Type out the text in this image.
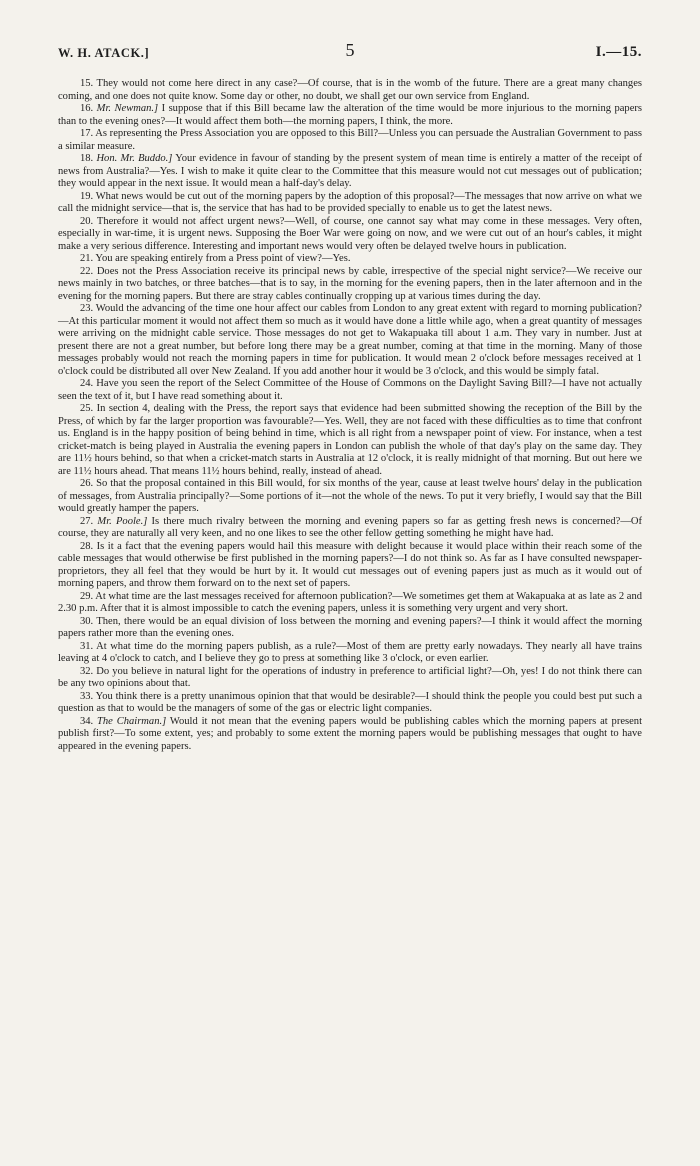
W. H. ATACK.]	5	I.—15.

15. They would not come here direct in any case?—Of course, that is in the womb of the future. There are a great many changes coming, and one does not quite know. Some day or other, no doubt, we shall get our own service from England.

16. Mr. Newman.] I suppose that if this Bill became law the alteration of the time would be more injurious to the morning papers than to the evening ones?—It would affect them both—the morning papers, I think, the more.

17. As representing the Press Association you are opposed to this Bill?—Unless you can persuade the Australian Government to pass a similar measure.

18. Hon. Mr. Buddo.] Your evidence in favour of standing by the present system of mean time is entirely a matter of the receipt of news from Australia?—Yes. I wish to make it quite clear to the Committee that this measure would not cut messages out of publication; they would appear in the next issue. It would mean a half-day's delay.

19. What news would be cut out of the morning papers by the adoption of this proposal?—The messages that now arrive on what we call the midnight service—that is, the service that has had to be provided specially to enable us to get the latest news.

20. Therefore it would not affect urgent news?—Well, of course, one cannot say what may come in these messages. Very often, especially in war-time, it is urgent news. Supposing the Boer War were going on now, and we were cut out of an hour's cables, it might make a very serious difference. Interesting and important news would very often be delayed twelve hours in publication.

21. You are speaking entirely from a Press point of view?—Yes.

22. Does not the Press Association receive its principal news by cable, irrespective of the special night service?—We receive our news mainly in two batches, or three batches—that is to say, in the morning for the evening papers, then in the later afternoon and in the evening for the morning papers. But there are stray cables continually cropping up at various times during the day.

23. Would the advancing of the time one hour affect our cables from London to any great extent with regard to morning publication?—At this particular moment it would not affect them so much as it would have done a little while ago, when a great quantity of messages were arriving on the midnight cable service. Those messages do not get to Wakapuaka till about 1 a.m. They vary in number. Just at present there are not a great number, but before long there may be a great number, coming at that time in the morning. Many of those messages probably would not reach the morning papers in time for publication. It would mean 2 o'clock before messages received at 1 o'clock could be distributed all over New Zealand. If you add another hour it would be 3 o'clock, and this would be simply fatal.

24. Have you seen the report of the Select Committee of the House of Commons on the Daylight Saving Bill?—I have not actually seen the text of it, but I have read something about it.

25. In section 4, dealing with the Press, the report says that evidence had been submitted showing the reception of the Bill by the Press, of which by far the larger proportion was favourable?—Yes. Well, they are not faced with these difficulties as to time that confront us. England is in the happy position of being behind in time, which is all right from a newspaper point of view. For instance, when a test cricket-match is being played in Australia the evening papers in London can publish the whole of that day's play on the same day. They are 11½ hours behind, so that when a cricket-match starts in Australia at 12 o'clock, it is really midnight of that morning. But out here we are 11½ hours ahead. That means 11½ hours behind, really, instead of ahead.

26. So that the proposal contained in this Bill would, for six months of the year, cause at least twelve hours' delay in the publication of messages, from Australia principally?—Some portions of it—not the whole of the news. To put it very briefly, I would say that the Bill would greatly hamper the papers.

27. Mr. Poole.] Is there much rivalry between the morning and evening papers so far as getting fresh news is concerned?—Of course, they are naturally all very keen, and no one likes to see the other fellow getting something he might have had.

28. Is it a fact that the evening papers would hail this measure with delight because it would place within their reach some of the cable messages that would otherwise be first published in the morning papers?—I do not think so. As far as I have consulted newspaper-proprietors, they all feel that they would be hurt by it. It would cut messages out of evening papers just as much as it would out of morning papers, and throw them forward on to the next set of papers.

29. At what time are the last messages received for afternoon publication?—We sometimes get them at Wakapuaka at as late as 2 and 2.30 p.m. After that it is almost impossible to catch the evening papers, unless it is something very urgent and very short.

30. Then, there would be an equal division of loss between the morning and evening papers?—I think it would affect the morning papers rather more than the evening ones.

31. At what time do the morning papers publish, as a rule?—Most of them are pretty early nowadays. They nearly all have trains leaving at 4 o'clock to catch, and I believe they go to press at something like 3 o'clock, or even earlier.

32. Do you believe in natural light for the operations of industry in preference to artificial light?—Oh, yes! I do not think there can be any two opinions about that.

33. You think there is a pretty unanimous opinion that that would be desirable?—I should think the people you could best put such a question as that to would be the managers of some of the gas or electric light companies.

34. The Chairman.] Would it not mean that the evening papers would be publishing cables which the morning papers at present publish first?—To some extent, yes; and probably to some extent the morning papers would be publishing messages that ought to have appeared in the evening papers.
